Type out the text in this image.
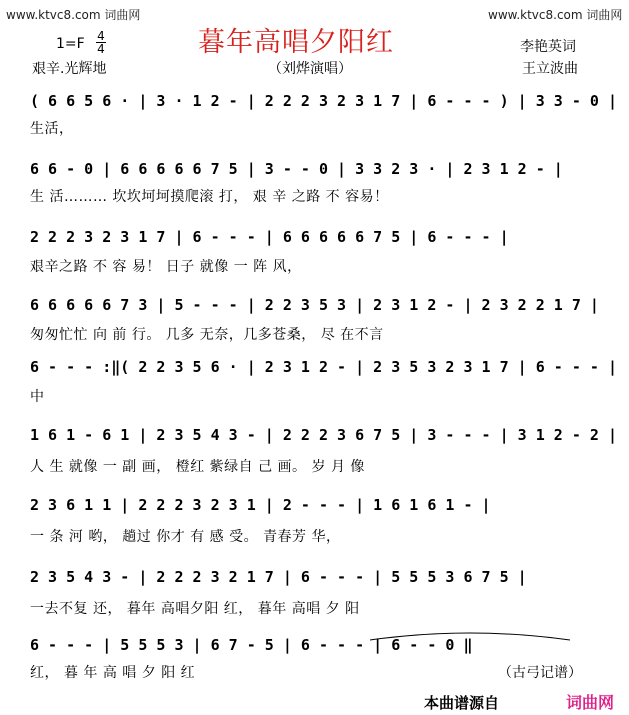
www.ktvc8.com 词曲网	www.ktvc8.com 词曲网
1=F 4
4	暮年高唱夕阳红	李艳英词
艰辛.光辉地	（刘烨演唱）	王立波曲
( 6 6 5 6 · | 3 · 1 2 - | 2 2 2 3 2 3 1 7 | 6 - - - ) | 3 3 - 0 |
生活，
6 6 - 0 | 6 6 6 6 6 7 5 | 3 - - 0 | 3 3 2 3 · | 2 3 1 2 - |
生 活……… 坎坎坷坷摸爬滚 打， 艰 辛 之路 不 容易！
2 2 2 3 2 3 1 7 | 6 - - - | 6 6 6 6 6 7 5 | 6 - - - |
艰辛之路 不 容 易！ 日子 就像 一 阵 风，
6 6 6 6 6 7 3 | 5 - - - | 2 2 3 5 3 | 2 3 1 2 - | 2 3 2 2 1 7 |
匆匆忙忙 向 前 行。 几多 无奈，几多苍桑， 尽 在不言
6 - - - :‖( 2 2 3 5 6 · | 2 3 1 2 - | 2 3 5 3 2 3 1 7 | 6 - - - |
中
1 6 1 - 6 1 | 2 3 5 4 3 - | 2 2 2 3 6 7 5 | 3 - - - | 3 1 2 - 2 |
人 生 就像 一 副 画， 橙红 紫绿自 己 画。 岁 月 像
2 3 6 1 1 | 2 2 2 3 2 3 1 | 2 - - - | 1 6 1 6 1 - |
一 条 河 哟， 趟过 你才 有 感 受。 青春芳 华，
2 3 5 4 3 - | 2 2 2 3 2 1 7 | 6 - - - | 5 5 5 3 6 7 5 |
一去不复 还， 暮年 高唱夕阳 红， 暮年 高唱 夕 阳
6 - - - | 5 5 5 3 | 6 7 - 5 | 6 - - - | 6 - - 0 ‖
红， 暮 年 高 唱 夕 阳 红	（古弓记谱）
本曲谱源自	词曲网
